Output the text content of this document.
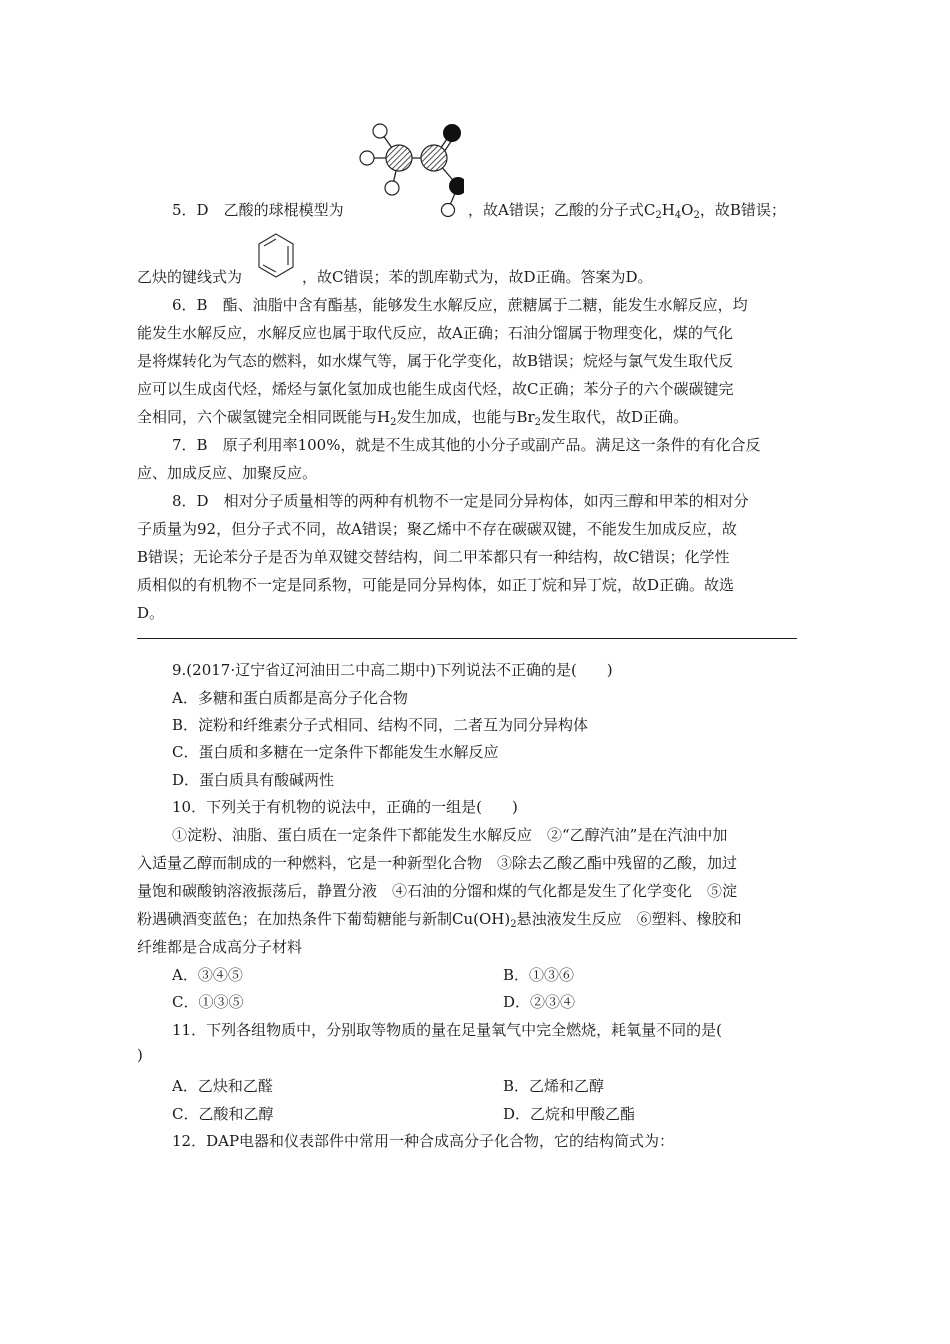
5．D　乙酸的球棍模型为	，故A错误；乙酸的分子式$C_2H_4O_2$，故B错误；
乙炔的键线式为	，故C错误；苯的凯库勒式为，故D正确。答案为D。
6．B　酯、油脂中含有酯基，能够发生水解反应，蔗糖属于二糖，能发生水解反应，均
能发生水解反应，水解反应也属于取代反应，故A正确；石油分馏属于物理变化，煤的气化
是将煤转化为气态的燃料，如水煤气等，属于化学变化，故B错误；烷烃与氯气发生取代反
应可以生成卤代烃，烯烃与氯化氢加成也能生成卤代烃，故C正确；苯分子的六个碳碳键完
全相同，六个碳氢键完全相同既能与$H_2$发生加成，也能与$Br_2$发生取代，故D正确。
7．B　原子利用率100%，就是不生成其他的小分子或副产品。满足这一条件的有化合反
应、加成反应、加聚反应。
8．D　相对分子质量相等的两种有机物不一定是同分异构体，如丙三醇和甲苯的相对分
子质量为92，但分子式不同，故A错误；聚乙烯中不存在碳碳双键，不能发生加成反应，故
B错误；无论苯分子是否为单双键交替结构，间二甲苯都只有一种结构，故C错误；化学性
质相似的有机物不一定是同系物，可能是同分异构体，如正丁烷和异丁烷，故D正确。故选
D。
9.(2017·辽宁省辽河油田二中高二期中)下列说法不正确的是(　　)
A．多糖和蛋白质都是高分子化合物
B．淀粉和纤维素分子式相同、结构不同，二者互为同分异构体
C．蛋白质和多糖在一定条件下都能发生水解反应
D．蛋白质具有酸碱两性
10．下列关于有机物的说法中，正确的一组是(　　)
①淀粉、油脂、蛋白质在一定条件下都能发生水解反应　②“乙醇汽油”是在汽油中加
入适量乙醇而制成的一种燃料，它是一种新型化合物　③除去乙酸乙酯中残留的乙酸，加过
量饱和碳酸钠溶液振荡后，静置分液　④石油的分馏和煤的气化都是发生了化学变化　⑤淀
粉遇碘酒变蓝色；在加热条件下葡萄糖能与新制$Cu(OH)_2$悬浊液发生反应　⑥塑料、橡胶和
纤维都是合成高分子材料
A．③④⑤	B．①③⑥
C．①③⑤	D．②③④
11．下列各组物质中，分别取等物质的量在足量氧气中完全燃烧，耗氧量不同的是(
)
A．乙炔和乙醛	B．乙烯和乙醇
C．乙酸和乙醇	D．乙烷和甲酸乙酯
12．DAP电器和仪表部件中常用一种合成高分子化合物，它的结构简式为：
